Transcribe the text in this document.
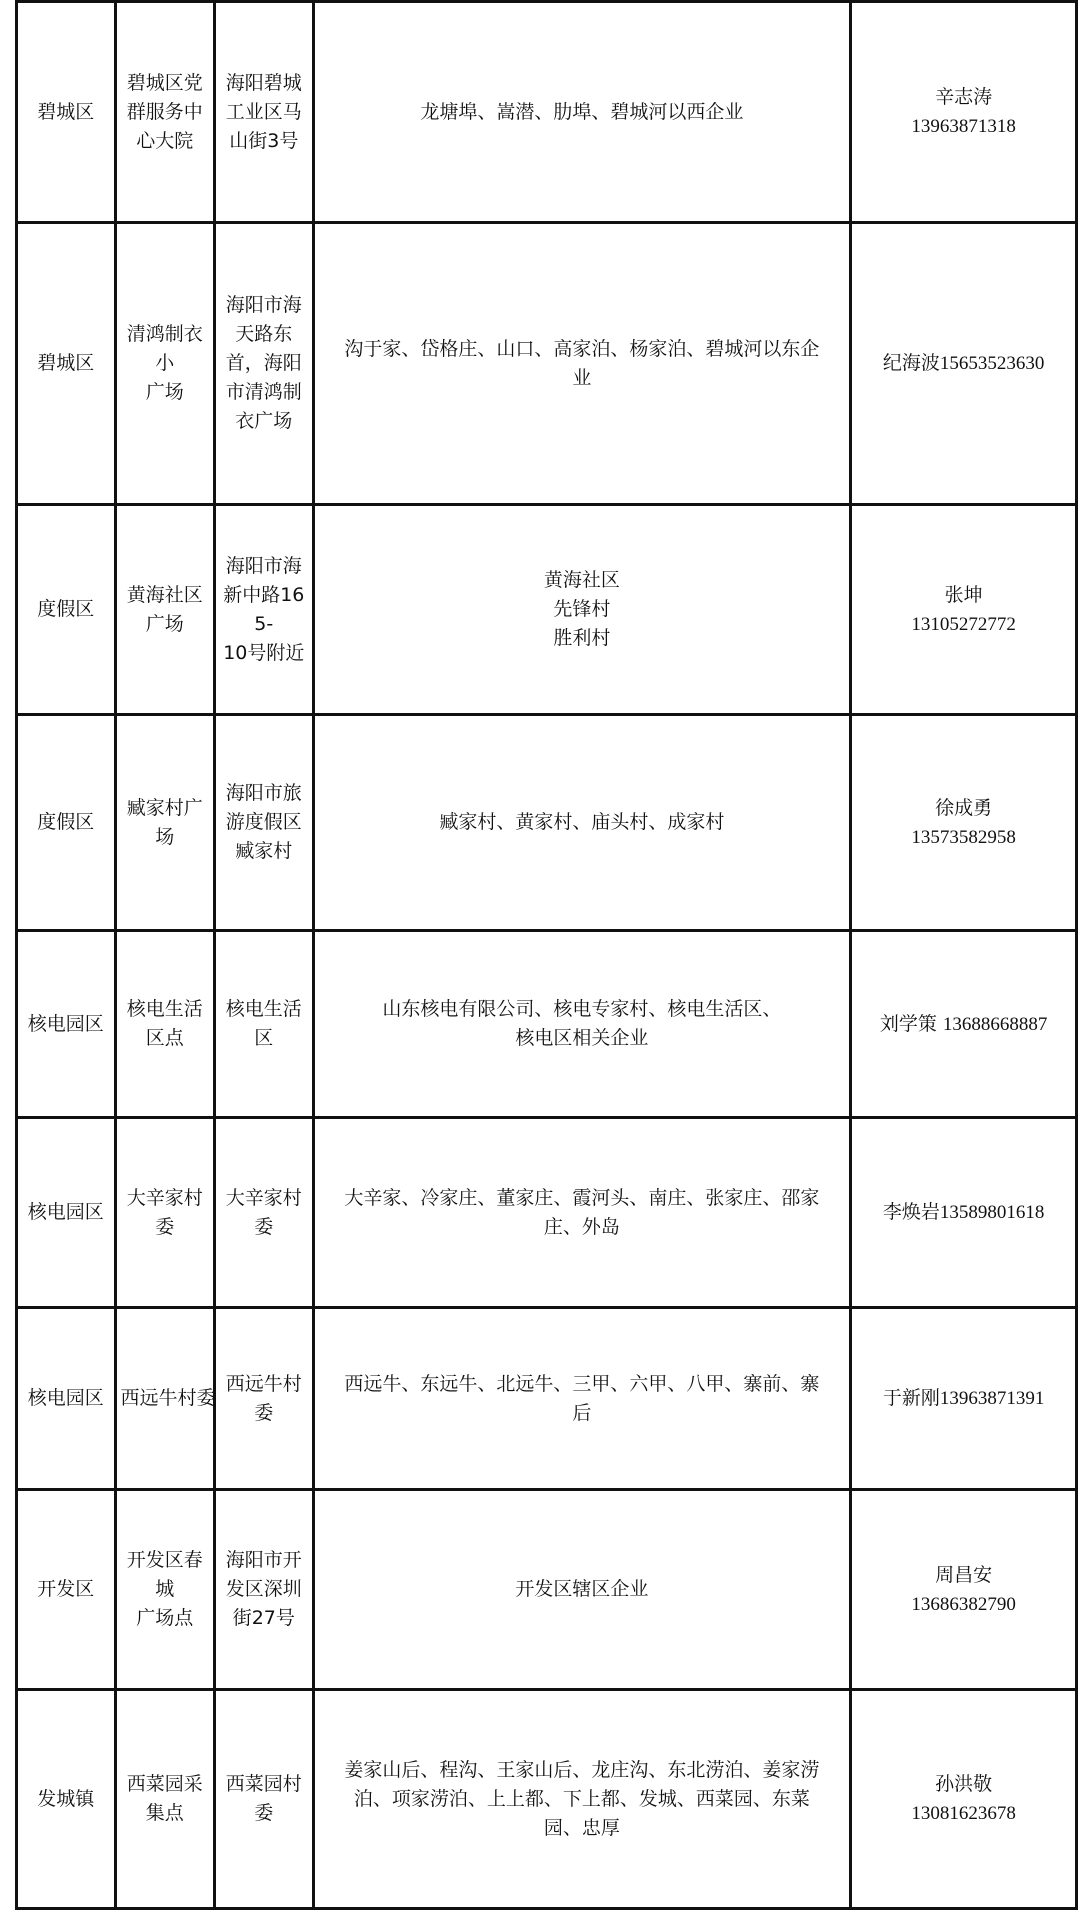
碧城区	碧城区党
群服务中
心大院	海阳碧城
工业区马
山街3号	龙塘埠、嵩潜、肋埠、碧城河以西企业	辛志涛
13963871318

碧城区	清鸿制衣
小
广场	海阳市海
天路东
首，海阳
市清鸿制
衣广场	沟于家、岱格庄、山口、高家泊、杨家泊、碧城河以东企
业	纪海波15653523630
度假区	黄海社区
广场	海阳市海
新中路165-
10号附近	黄海社区
先锋村
胜利村	张坤
13105272772

度假区	臧家村广
场	海阳市旅
游度假区
臧家村	臧家村、黄家村、庙头村、成家村	徐成勇
13573582958

核电园区	核电生活
区点	核电生活
区	山东核电有限公司、核电专家村、核电生活区、
核电区相关企业	刘学策 13688668887
核电园区	大辛家村
委	大辛家村
委	大辛家、冷家庄、董家庄、霞河头、南庄、张家庄、邵家
庄、外岛	李焕岩13589801618
核电园区	西远牛村委	西远牛村
委	西远牛、东远牛、北远牛、三甲、六甲、八甲、寨前、寨
后	于新刚13963871391
开发区	开发区春
城
广场点	海阳市开
发区深圳
街27号	开发区辖区企业	周昌安
13686382790

发城镇	西菜园采
集点	西菜园村
委	姜家山后、程沟、王家山后、龙庄沟、东北涝泊、姜家涝
泊、项家涝泊、上上都、下上都、发城、西菜园、东菜
园、忠厚	孙洪敬
13081623678
